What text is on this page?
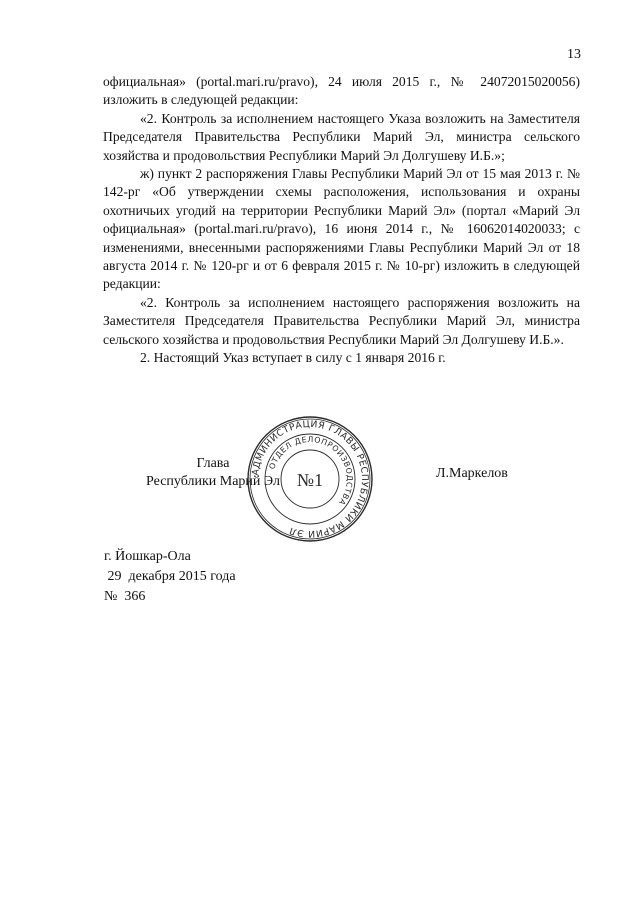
13

официальная» (portal.mari.ru/pravo), 24 июля 2015 г., № 24072015020056) изложить в следующей редакции:

«2. Контроль за исполнением настоящего Указа возложить на Заместителя Председателя Правительства Республики Марий Эл, министра сельского хозяйства и продовольствия Республики Марий Эл Долгушеву И.Б.»;

ж) пункт 2 распоряжения Главы Республики Марий Эл от 15 мая 2013 г. № 142-рг «Об утверждении схемы расположения, использования и охраны охотничьих угодий на территории Республики Марий Эл» (портал «Марий Эл официальная» (portal.mari.ru/pravo), 16 июня 2014 г., № 16062014020033; с изменениями, внесенными распоряжениями Главы Республики Марий Эл от 18 августа 2014 г. № 120-рг и от 6 февраля 2015 г. № 10-рг) изложить в следующей редакции:

«2. Контроль за исполнением настоящего распоряжения возложить на Заместителя Председателя Правительства Республики Марий Эл, министра сельского хозяйства и продовольствия Республики Марий Эл Долгушеву И.Б.».

2. Настоящий Указ вступает в силу с 1 января 2016 г.

Глава
Республики Марий Эл
АДМИНИСТРАЦИЯ ГЛАВЫ РЕСПУБЛИКИ МАРИЙ ЭЛ
ОТДЕЛ ДЕЛОПРОИЗВОДСТВА
№1	Л.Маркелов
г. Йошкар-Ола
29  декабря 2015 года
№  366
